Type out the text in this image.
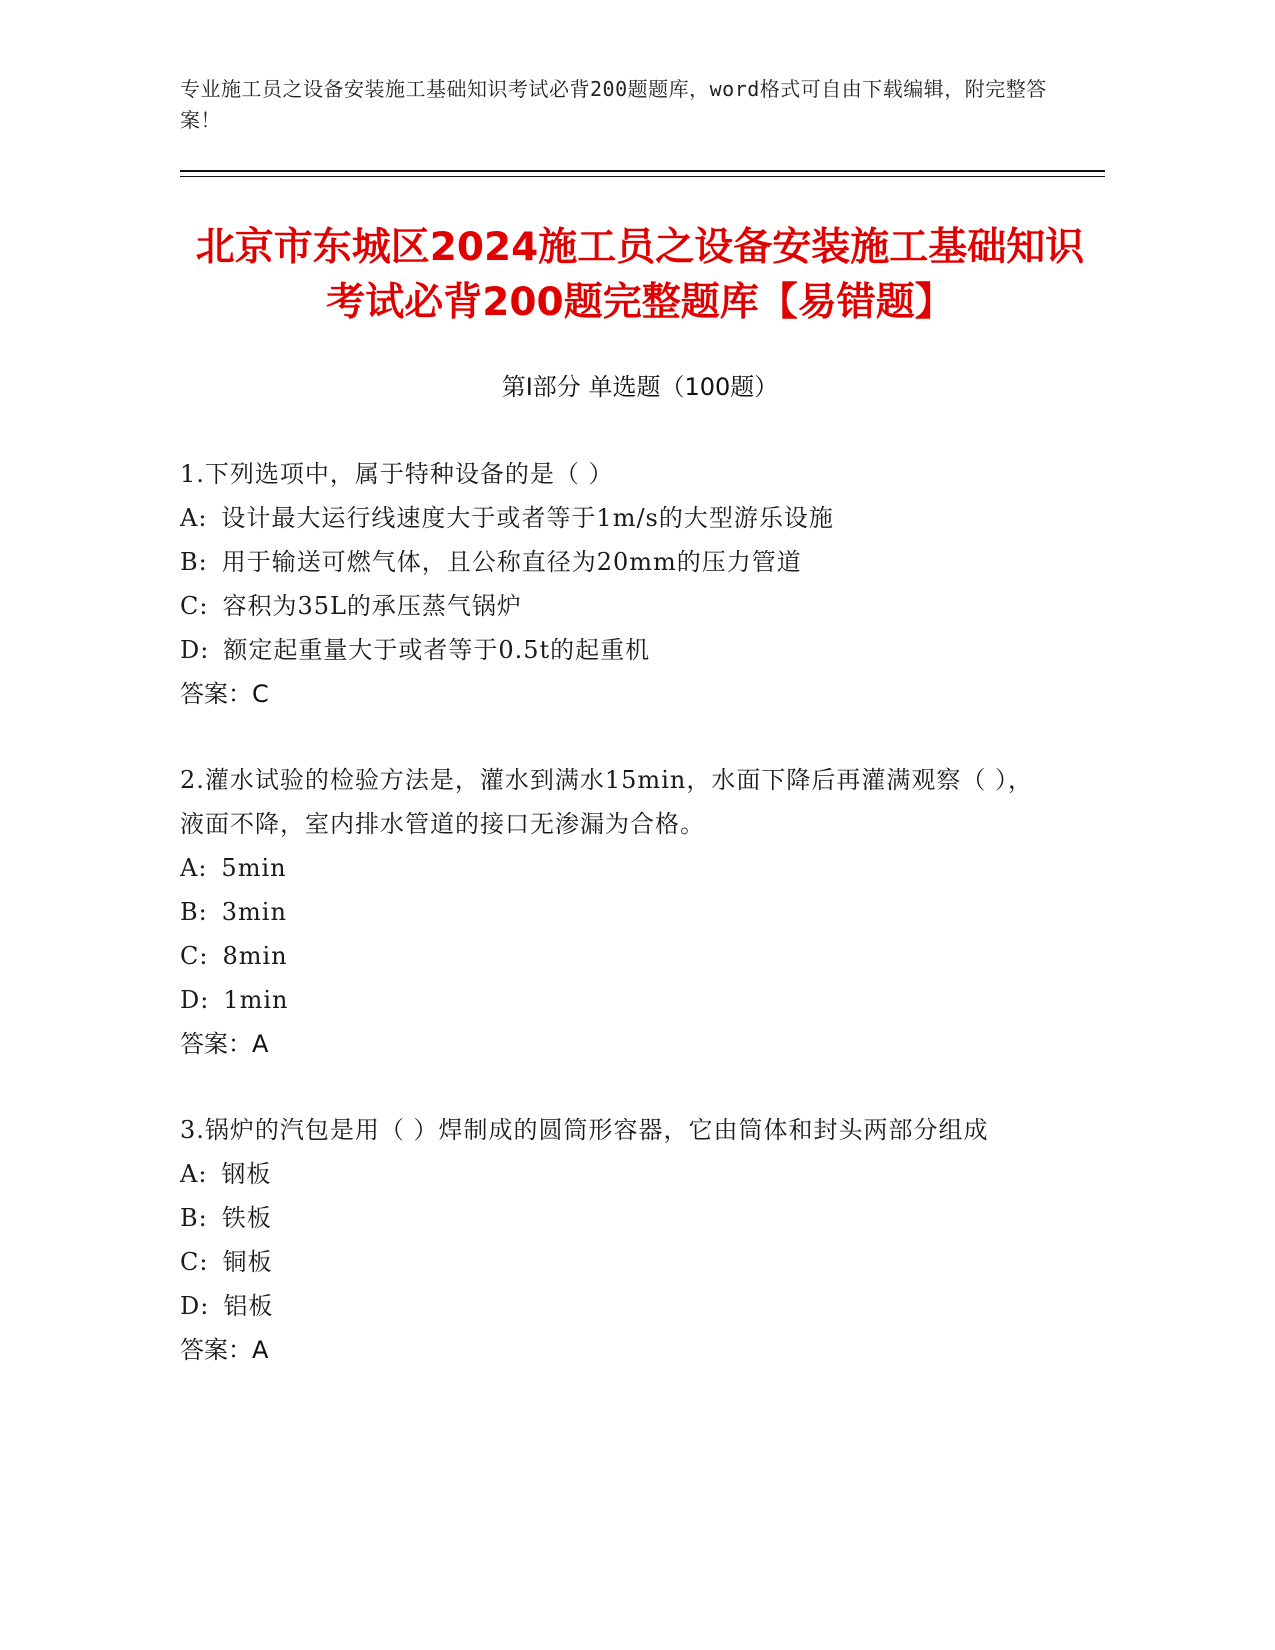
专业施工员之设备安装施工基础知识考试必背200题题库，word格式可自由下载编辑，附完整答案！
北京市东城区2024施工员之设备安装施工基础知识考试必背200题完整题库【易错题】
第I部分 单选题（100题）
1.下列选项中，属于特种设备的是（ ）
A: 设计最大运行线速度大于或者等于1m/s的大型游乐设施
B: 用于输送可燃气体，且公称直径为20mm的压力管道
C: 容积为35L的承压蒸气锅炉
D: 额定起重量大于或者等于0.5t的起重机
答案：C
2.灌水试验的检验方法是，灌水到满水15min，水面下降后再灌满观察（ ），液面不降，室内排水管道的接口无渗漏为合格。
A: 5min
B: 3min
C: 8min
D: 1min
答案：A
3.锅炉的汽包是用（ ）焊制成的圆筒形容器，它由筒体和封头两部分组成
A: 钢板
B: 铁板
C: 铜板
D: 铝板
答案：A
